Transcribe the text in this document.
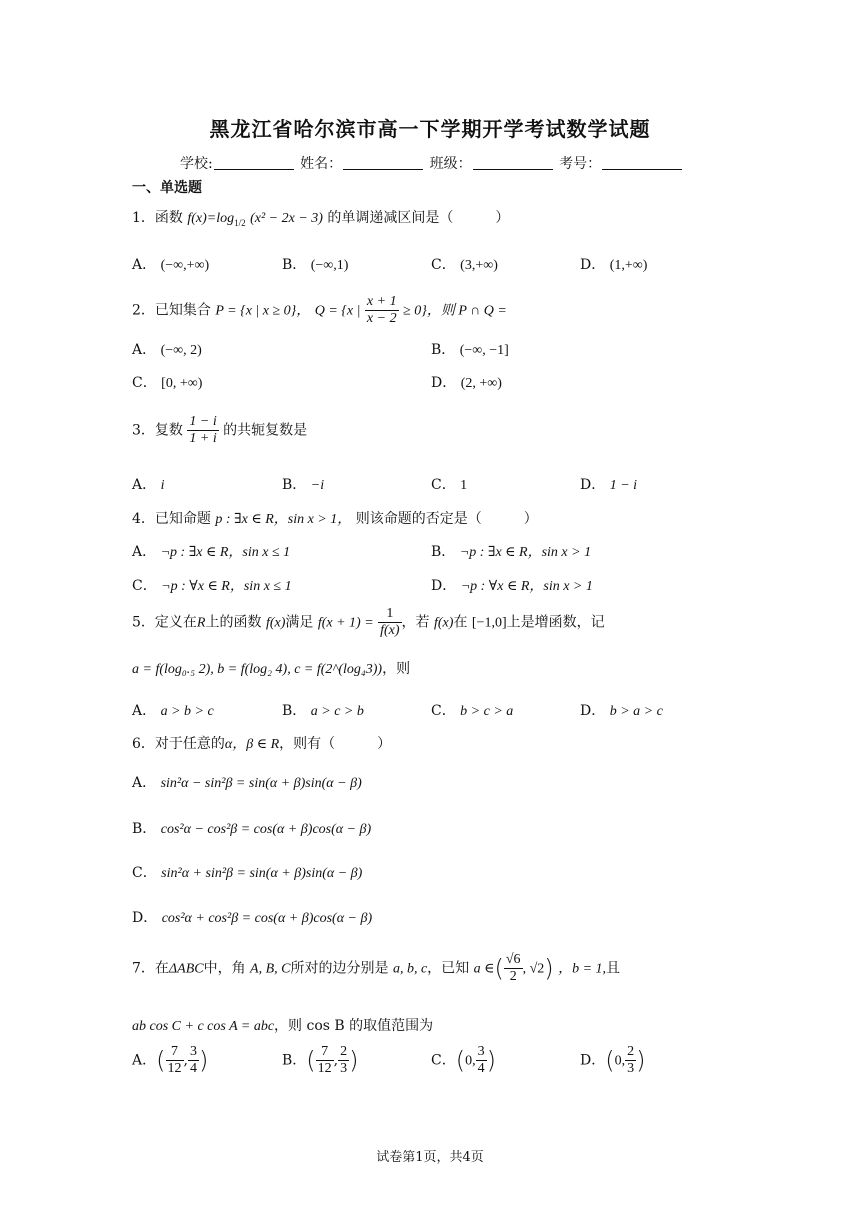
黑龙江省哈尔滨市高一下学期开学考试数学试题
学校:	姓名：	班级：	考号：
一、单选题
1．函数 $f(x)=\log_{1/2}$ (x² − 2x − 3) 的单调递减区间是（　　　）
A． (−∞,+∞)	B． (−∞,1)	C． (3,+∞)	D． (1,+∞)
2．已知集合 P = {x | x ≥ 0}， Q = {x | $\frac{x + 1}{x - 2} \ge 0$}，则 P ∩ Q =
A． (−∞, 2)	B． (−∞, −1]
C． [0, +∞)	D． (2, +∞)
3．复数 $\frac{1 - i}{1 + i}$ 的共轭复数是
A． i	B． −i	C． 1	D． 1 − i
4．已知命题 p : ∃x ∈ R，sin x > 1， 则该命题的否定是（　　　）
A． ¬p : ∃x ∈ R，sin x ≤ 1	B． ¬p : ∃x ∈ R，sin x > 1
C． ¬p : ∀x ∈ R，sin x ≤ 1	D． ¬p : ∀x ∈ R，sin x > 1
5．定义在R上的函数 f(x)满足 $f(x + 1) = \frac{1}{f(x)}$ ，若 f(x)在 [−1,0]上是增函数，记
a = f(log₀.₅ 2), b = f(log₂ 4), c = f(2^(log₄3))，则
A． a > b > c	B． a > c > b	C． b > c > a	D． b > a > c
6．对于任意的α，β ∈ R，则有（　　　）
A． sin²α − sin²β = sin(α + β)sin(α − β)
B． cos²α − cos²β = cos(α + β)cos(α − β)
C． sin²α + sin²β = sin(α + β)sin(α − β)
D． cos²α + cos²β = cos(α + β)cos(α − β)
7．在ΔABC中，角 A, B, C所对的边分别是 a, b, c，已知 a ∈( $\frac{√6}{2}$ , √2) ，b = 1,且
ab cos C + c cos A = abc，则 cos B 的取值范围为
A．( $\frac{7}{12}$ , $\frac{3}{4}$ )	B．( $\frac{7}{12}$ , $\frac{2}{3}$ )	C．(0, $\frac{3}{4}$ )	D．(0, $\frac{2}{3}$ )
试卷第1页，共4页
